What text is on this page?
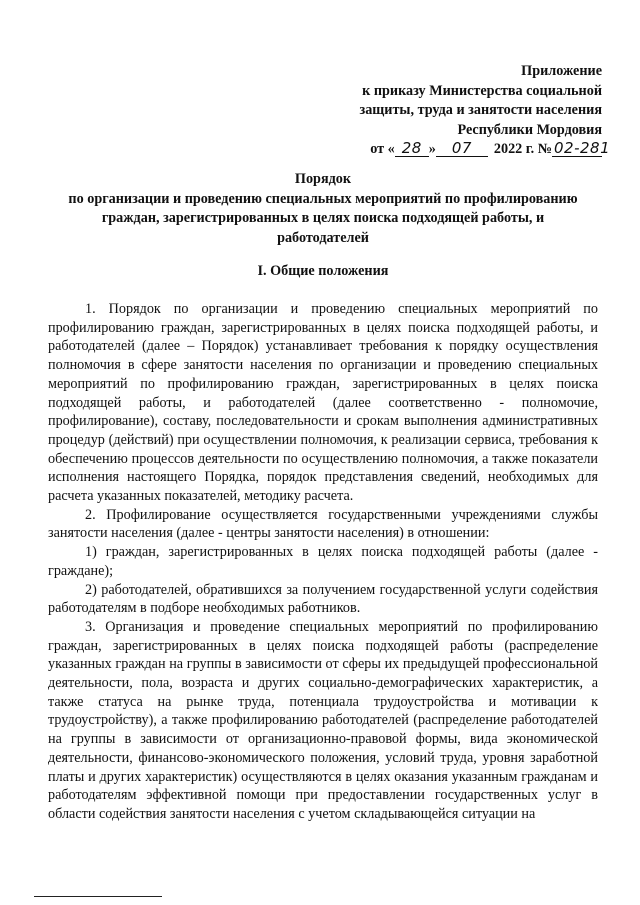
Приложение
к приказу Министерства социальной
защиты, труда и занятости населения
Республики Мордовия
от « 28 »	07	2022 г. № 02-281
Порядок
по организации и проведению специальных мероприятий по профилированию
граждан, зарегистрированных в целях поиска подходящей работы, и
работодателей
I. Общие положения

1. Порядок по организации и проведению специальных мероприятий по профилированию граждан, зарегистрированных в целях поиска подходящей работы, и работодателей (далее – Порядок) устанавливает требования к порядку осуществления полномочия в сфере занятости населения по организации и проведению специальных мероприятий по профилированию граждан, зарегистрированных в целях поиска подходящей работы, и работодателей (далее соответственно - полномочие, профилирование), составу, последовательности и срокам выполнения административных процедур (действий) при осуществлении полномочия, к реализации сервиса, требования к обеспечению процессов деятельности по осуществлению полномочия, а также показатели исполнения настоящего Порядка, порядок представления сведений, необходимых для расчета указанных показателей, методику расчета.

2. Профилирование осуществляется государственными учреждениями службы занятости населения (далее - центры занятости населения) в отношении:

1) граждан, зарегистрированных в целях поиска подходящей работы (далее - граждане);

2) работодателей, обратившихся за получением государственной услуги содействия работодателям в подборе необходимых работников.

3. Организация и проведение специальных мероприятий по профилированию граждан, зарегистрированных в целях поиска подходящей работы (распределение указанных граждан на группы в зависимости от сферы их предыдущей профессиональной деятельности, пола, возраста и других социально-демографических характеристик, а также статуса на рынке труда, потенциала трудоустройства и мотивации к трудоустройству), а также профилированию работодателей (распределение работодателей на группы в зависимости от организационно-правовой формы, вида экономической деятельности, финансово-экономического положения, условий труда, уровня заработной платы и других характеристик) осуществляются в целях оказания указанным гражданам и работодателям эффективной помощи при предоставлении государственных услуг в области содействия занятости населения с учетом складывающейся ситуации на
